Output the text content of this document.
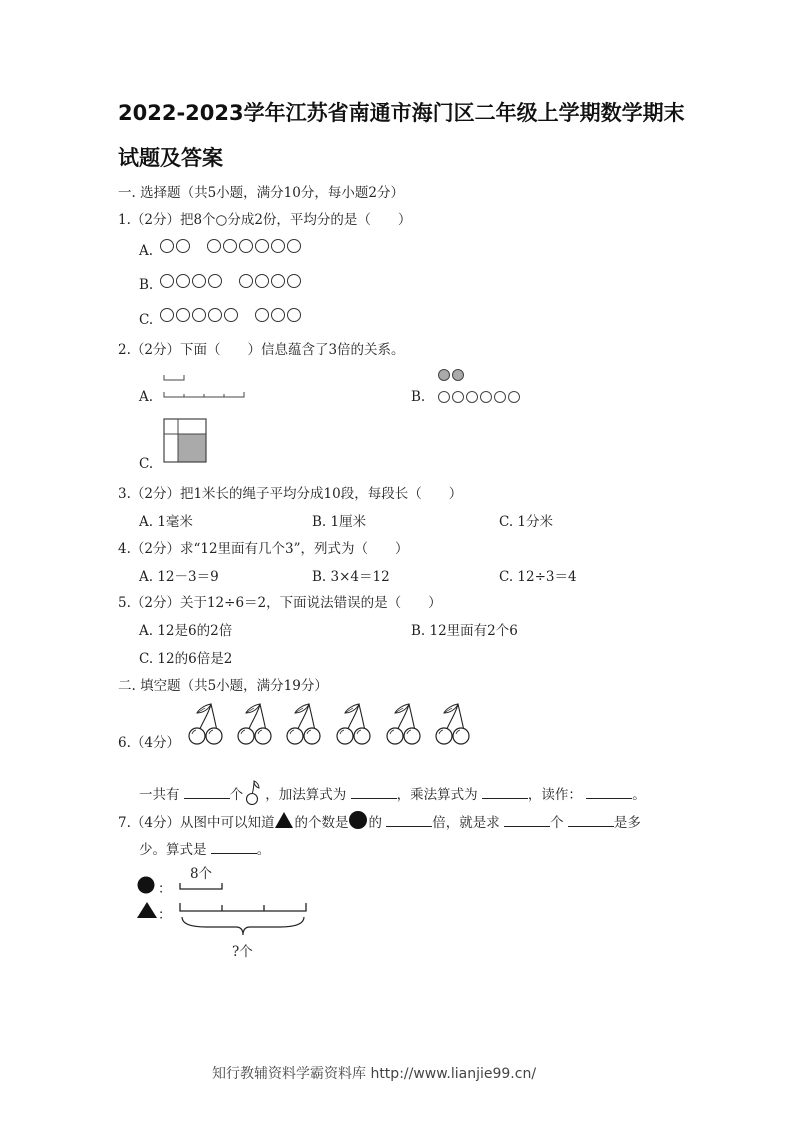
2022-2023学年江苏省南通市海门区二年级上学期数学期末
试题及答案
一. 选择题（共5小题，满分10分，每小题2分）
1.（2分）把8个○分成2份，平均分的是（　　）
A.

B.

C.

2.（2分）下面（　　）信息蕴含了3倍的关系。
A.	B.
C.
3.（2分）把1米长的绳子平均分成10段，每段长（　　）
A. 1毫米	B. 1厘米	C. 1分米
4.（2分）求“12里面有几个3”，列式为（　　）
A. 12－3＝9	B. 3×4＝12	C. 12÷3＝4
5.（2分）关于12÷6＝2，下面说法错误的是（　　）
A. 12是6的2倍	B. 12里面有2个6
C. 12的6倍是2
二. 填空题（共5小题，满分19分）
6.（4分）
一共有	个 ，加法算式为	，乘法算式为	，读作：	。
7.（4分）从图中可以知道 的个数是 的	倍，就是求	个	是多
少。算式是	。
8个
：
：
?个
知行教辅资料学霸资料库 http://www.lianjie99.cn/
